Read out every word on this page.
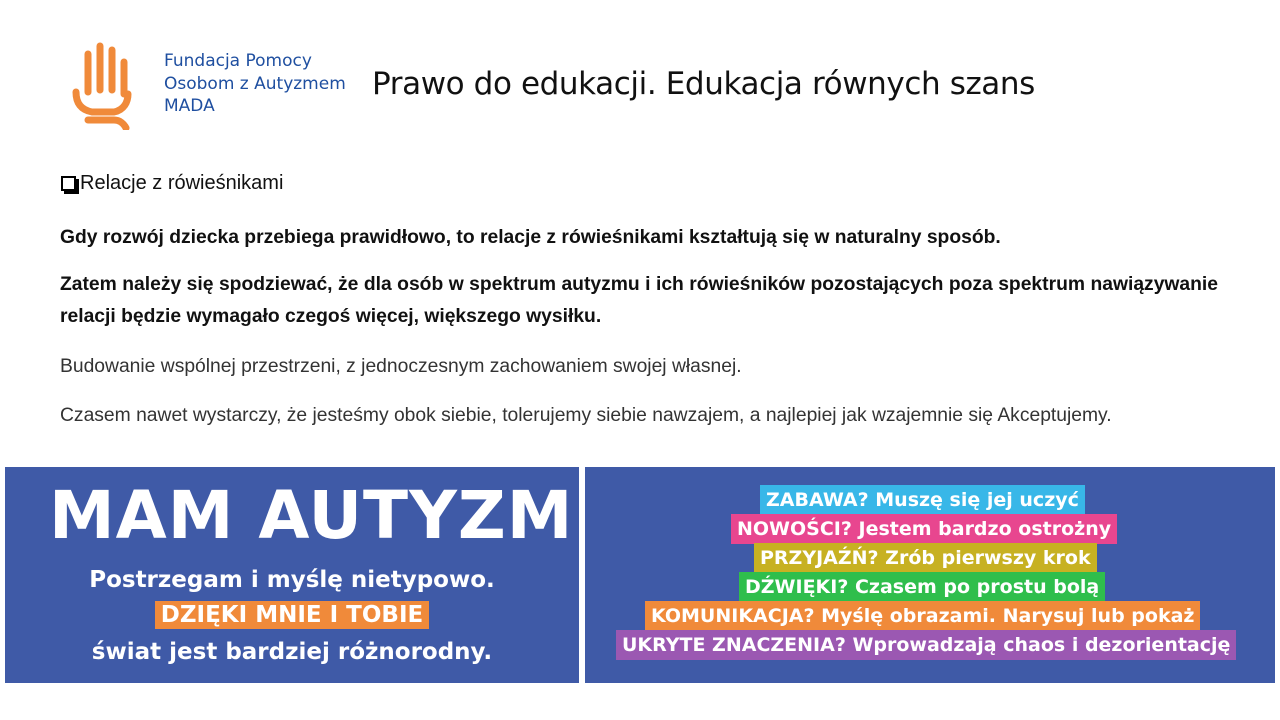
Fundacja Pomocy
Osobom z Autyzmem
MADA
Prawo do edukacji. Edukacja równych szans
Relacje z rówieśnikami

Gdy rozwój dziecka przebiega prawidłowo, to relacje z rówieśnikami kształtują się w naturalny sposób.

Zatem należy się spodziewać, że dla osób w spektrum autyzmu i ich rówieśników pozostających poza spektrum nawiązywanie relacji będzie wymagało czegoś więcej, większego wysiłku.

Budowanie wspólnej przestrzeni, z jednoczesnym zachowaniem swojej własnej.

Czasem nawet wystarczy, że jesteśmy obok siebie, tolerujemy siebie nawzajem, a najlepiej jak wzajemnie się Akceptujemy.

MAM AUTYZM
Postrzegam i myślę nietypowo.
DZIĘKI MNIE I TOBIE
świat jest bardziej różnorodny.
ZABAWA? Muszę się jej uczyć
NOWOŚCI? Jestem bardzo ostrożny
PRZYJAŹŃ? Zrób pierwszy krok
DŹWIĘKI? Czasem po prostu bolą
KOMUNIKACJA? Myślę obrazami. Narysuj lub pokaż
UKRYTE ZNACZENIA? Wprowadzają chaos i dezorientację
